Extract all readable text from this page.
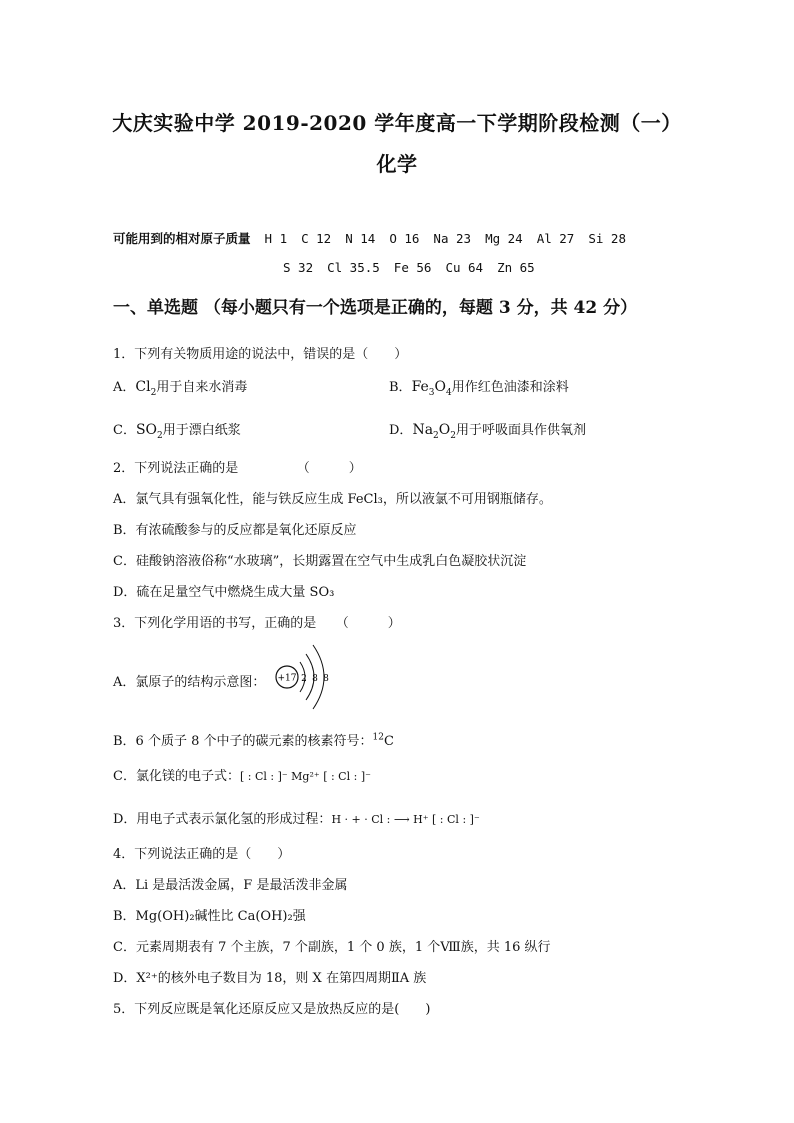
大庆实验中学 2019-2020 学年度高一下学期阶段检测（一）
化学
可能用到的相对原子质量 H 1 C 12 N 14 O 16 Na 23 Mg 24 Al 27 Si 28
S 32 Cl 35.5 Fe 56 Cu 64 Zn 65
一、单选题 （每小题只有一个选项是正确的，每题 3 分，共 42 分）
1．下列有关物质用途的说法中，错误的是（　　）
A．$Cl_2$用于自来水消毒	B．$Fe_3O_4$用作红色油漆和涂料
C．$SO_2$用于漂白纸浆	D．$Na_2O_2$用于呼吸面具作供氧剂
2．下列说法正确的是　　　　　（　　　）
A．氯气具有强氧化性，能与铁反应生成 FeCl₃，所以液氯不可用钢瓶储存。
B．有浓硫酸参与的反应都是氧化还原反应
C．硅酸钠溶液俗称“水玻璃”，长期露置在空气中生成乳白色凝胶状沉淀
D．硫在足量空气中燃烧生成大量 SO₃
3．下列化学用语的书写，正确的是　　（　　　）
A．氯原子的结构示意图： +17 2 8 8
B．6 个质子 8 个中子的碳元素的核素符号：$^{12}$C
C．氯化镁的电子式：[ : Cl : ]⁻ Mg²⁺ [ : Cl : ]⁻
D．用电子式表示氯化氢的形成过程：H · + · Cl : ⟶ H⁺ [ : Cl : ]⁻
4．下列说法正确的是（　　）
A．Li 是最活泼金属，F 是最活泼非金属
B．Mg(OH)₂碱性比 Ca(OH)₂强
C．元素周期表有 7 个主族，7 个副族，1 个 0 族，1 个Ⅷ族，共 16 纵行
D．X²⁺的核外电子数目为 18，则 X 在第四周期ⅡA 族
5．下列反应既是氧化还原反应又是放热反应的是(　　)
